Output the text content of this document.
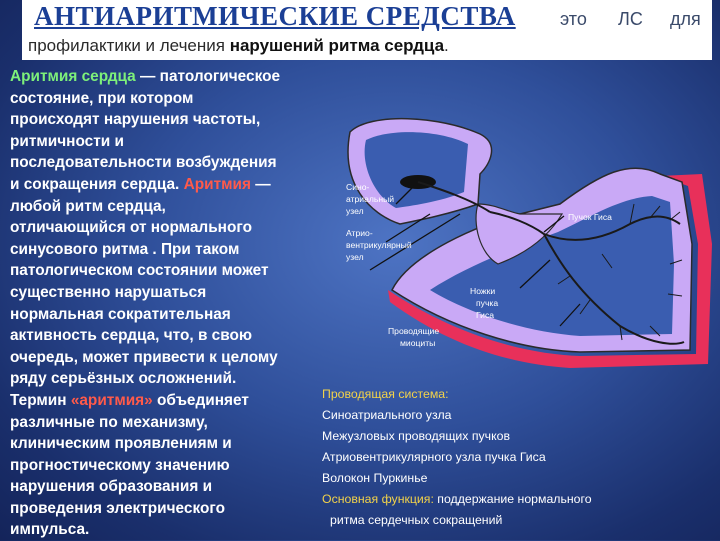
АНТИАРИТМИЧЕСКИЕ СРЕДСТВА это ЛС для
профилактики и лечения нарушений ритма сердца.
Аритмия сердца — патологическое
состояние, при котором
происходят нарушения частоты,
ритмичности и
последовательности возбуждения
и сокращения сердца. Аритмия —
любой ритм сердца,
отличающийся от нормального
синусового ритма . При таком
патологическом состоянии может
существенно нарушаться
нормальная сократительная
активность сердца, что, в свою
очередь, может привести к целому
ряду серьёзных осложнений.
Термин «аритмия» объединяет
различные по механизму,
клиническим проявлениям и
прогностическому значению
нарушения образования и
проведения электрического
импульса.
Сино-
атриальный
узел
Атрио-
вентрикулярный
узел
Пучок Гиса
Ножки
пучка
Гиса
Проводящие
миоциты
Проводящая система:
Синоатриального узла
Межузловых проводящих пучков
Атриовентрикулярного узла пучка Гиса
Волокон Пуркинье
Основная функция: поддержание нормального
ритма сердечных сокращений
